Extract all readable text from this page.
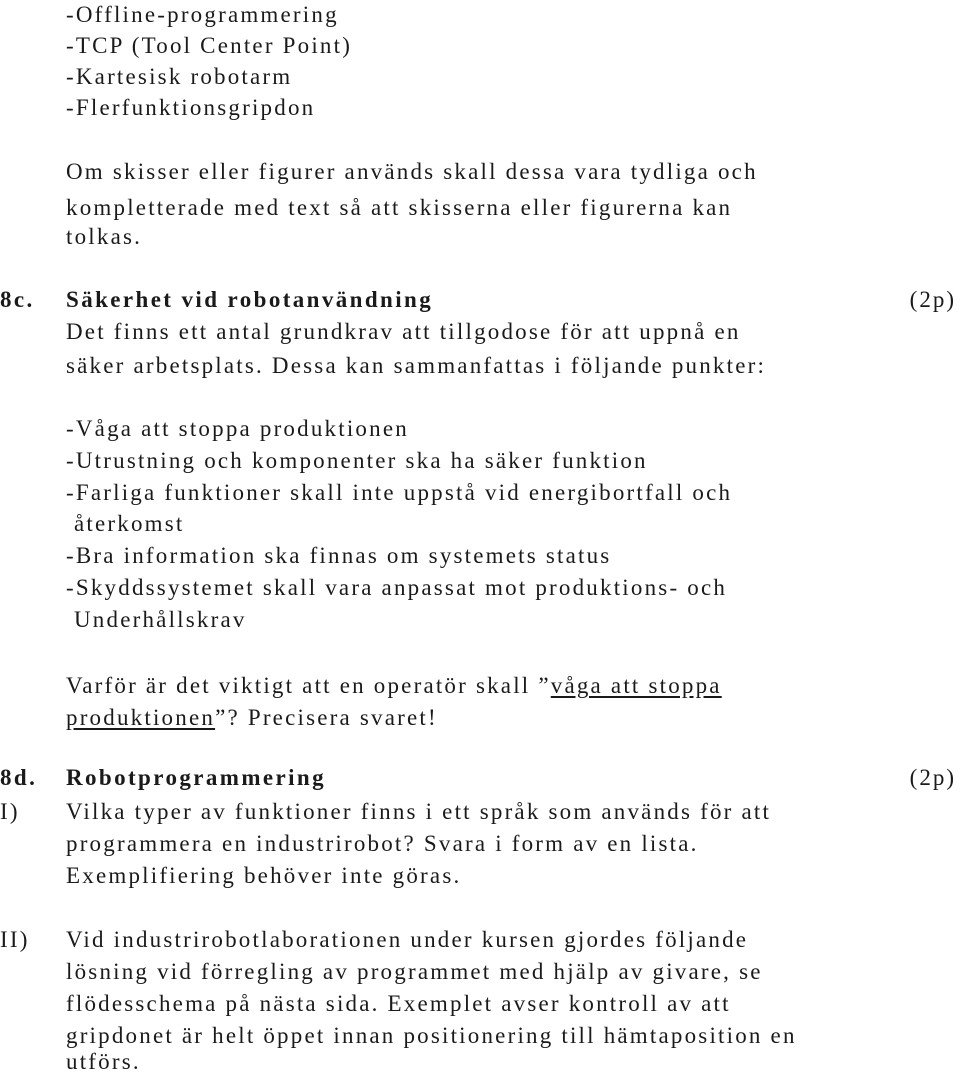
-Offline-programmering
-TCP (Tool Center Point)
-Kartesisk robotarm
-Flerfunktionsgripdon
Om skisser eller figurer används skall dessa vara tydliga och
kompletterade med text så att skisserna eller figurerna kan
tolkas.
8c. Säkerhet vid robotanvändning	(2p)
Det finns ett antal grundkrav att tillgodose för att uppnå en
säker arbetsplats. Dessa kan sammanfattas i följande punkter:
-Våga att stoppa produktionen
-Utrustning och komponenter ska ha säker funktion
-Farliga funktioner skall inte uppstå vid energibortfall och
återkomst
-Bra information ska finnas om systemets status
-Skyddssystemet skall vara anpassat mot produktions- och
Underhållskrav
Varför är det viktigt att en operatör skall ”våga att stoppa
produktionen”? Precisera svaret!
8d. Robotprogrammering	(2p)
I) Vilka typer av funktioner finns i ett språk som används för att
programmera en industrirobot? Svara i form av en lista.
Exemplifiering behöver inte göras.
II) Vid industrirobotlaborationen under kursen gjordes följande
lösning vid förregling av programmet med hjälp av givare, se
flödesschema på nästa sida. Exemplet avser kontroll av att
gripdonet är helt öppet innan positionering till hämtaposition en
utförs.
